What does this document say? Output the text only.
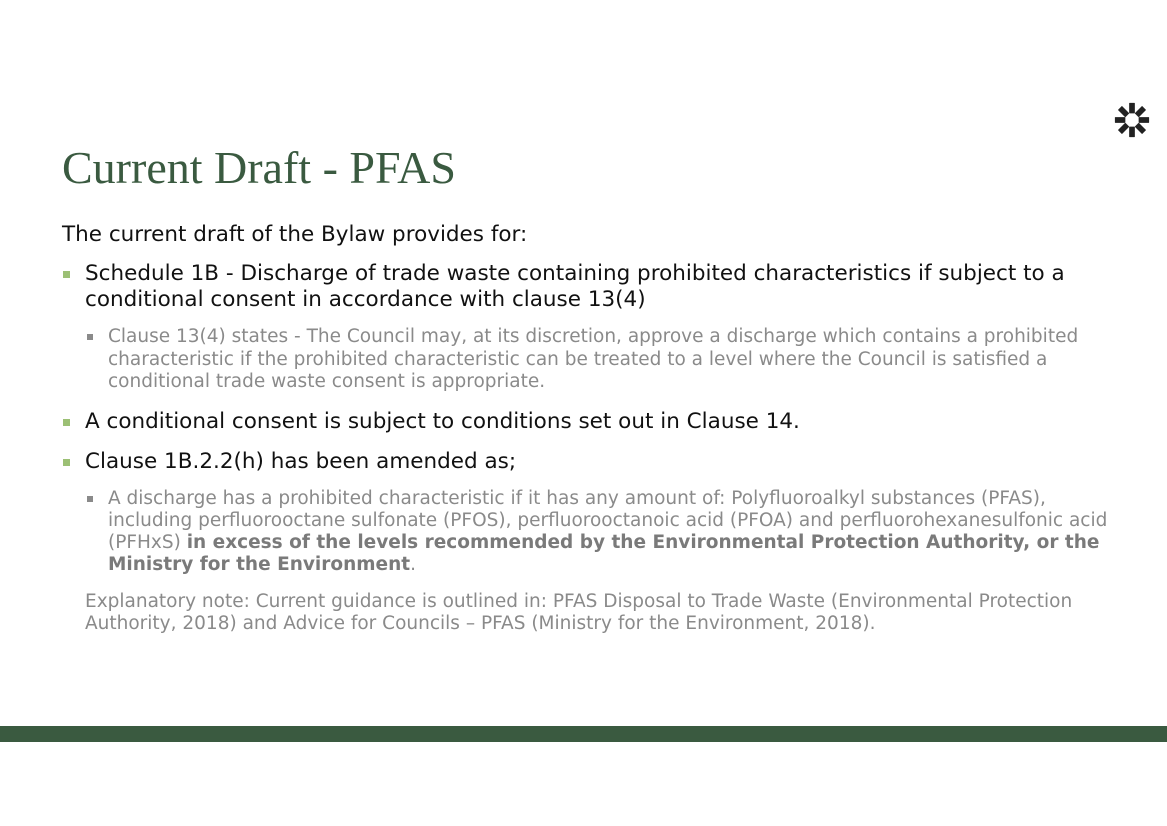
Current Draft - PFAS

The current draft of the Bylaw provides for:

Schedule 1B - Discharge of trade waste containing prohibited characteristics if subject to a conditional consent in accordance with clause 13(4)
Clause 13(4) states - The Council may, at its discretion, approve a discharge which contains a prohibited characteristic if the prohibited characteristic can be treated to a level where the Council is satisfied a conditional trade waste consent is appropriate.
A conditional consent is subject to conditions set out in Clause 14.
Clause 1B.2.2(h) has been amended as;
A discharge has a prohibited characteristic if it has any amount of: Polyfluoroalkyl substances (PFAS), including perfluorooctane sulfonate (PFOS), perfluorooctanoic acid (PFOA) and perfluorohexanesulfonic acid (PFHxS) in excess of the levels recommended by the Environmental Protection Authority, or the Ministry for the Environment.
Explanatory note: Current guidance is outlined in: PFAS Disposal to Trade Waste (Environmental Protection Authority, 2018) and Advice for Councils – PFAS (Ministry for the Environment, 2018).
